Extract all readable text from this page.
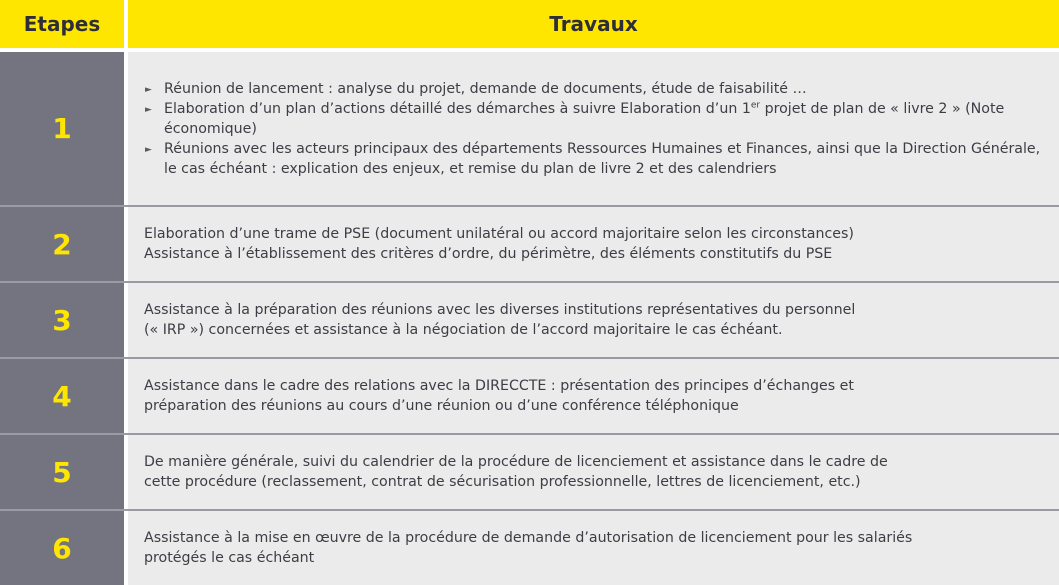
Etapes	Travaux
1
► Réunion de lancement : analyse du projet, demande de documents, étude de faisabilité …
► Elaboration d’un plan d’actions détaillé des démarches à suivre Elaboration d’un 1er projet de plan de « livre 2 » (Note économique)
► Réunions avec les acteurs principaux des départements Ressources Humaines et Finances, ainsi que la Direction Générale, le cas échéant : explication des enjeux, et remise du plan de livre 2 et des calendriers
2	Elaboration d’une trame de PSE (document unilatéral ou accord majoritaire selon les circonstances)
Assistance à l’établissement des critères d’ordre, du périmètre, des éléments constitutifs du PSE
3	Assistance à la préparation des réunions avec les diverses institutions représentatives du personnel
(« IRP ») concernées et assistance à la négociation de l’accord majoritaire le cas échéant.
4	Assistance dans le cadre des relations avec la DIRECCTE : présentation des principes d’échanges et
préparation des réunions au cours d’une réunion ou d’une conférence téléphonique
5	De manière générale, suivi du calendrier de la procédure de licenciement et assistance dans le cadre de
cette procédure (reclassement, contrat de sécurisation professionnelle, lettres de licenciement, etc.)
6	Assistance à la mise en œuvre de la procédure de demande d’autorisation de licenciement pour les salariés
protégés le cas échéant
